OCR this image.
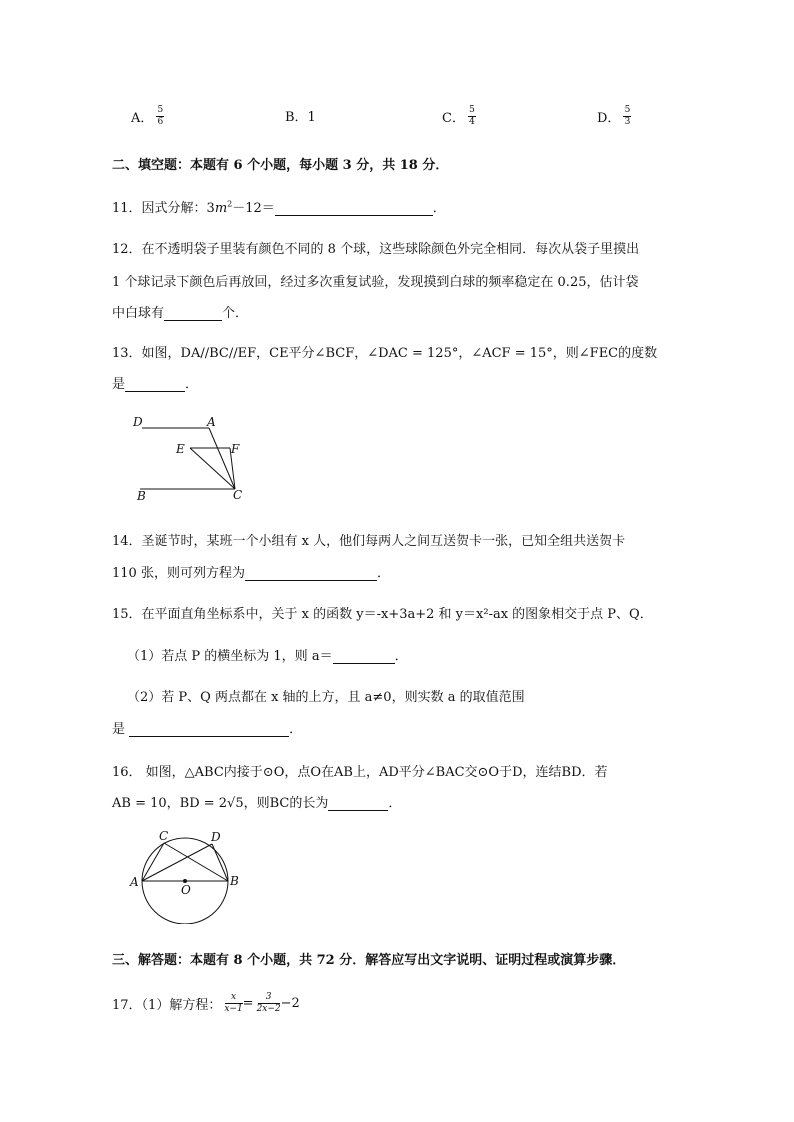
A． $\frac{5}{6}$	B．1	C． $\frac{5}{4}$	D． $\frac{5}{3}$
二、填空题：本题有 6 个小题，每小题 3 分，共 18 分．
11．因式分解：$3m^2-12=$	．
12．在不透明袋子里装有颜色不同的 8 个球，这些球除颜色外完全相同．每次从袋子里摸出
1 个球记录下颜色后再放回，经过多次重复试验，发现摸到白球的频率稳定在 0.25，估计袋
中白球有	个．
13．如图，DA//BC//EF，CE平分∠BCF，∠DAC = 125°，∠ACF = 15°，则∠FEC的度数
是	．
D	A
E	F
B	C
14．圣诞节时，某班一个小组有 x 人，他们每两人之间互送贺卡一张，已知全组共送贺卡
110 张，则可列方程为	．
15．在平面直角坐标系中，关于 x 的函数 y＝-x+3a+2 和 y＝x²-ax 的图象相交于点 P、Q．
（1）若点 P 的横坐标为 1，则 a＝	．
（2）若 P、Q 两点都在 x 轴的上方，且 a≠0，则实数 a 的取值范围
是	．
16． 如图，△ABC内接于⊙O，点O在AB上，AD平分∠BAC交⊙O于D，连结BD．若
AB = 10，BD = 2√5，则BC的长为	．
C	D
A
O
B
三、解答题：本题有 8 个小题，共 72 分．解答应写出文字说明、证明过程或演算步骤．
17．（1）解方程： $\frac{x}{x-1} = \frac{3}{2x-2} -2$
